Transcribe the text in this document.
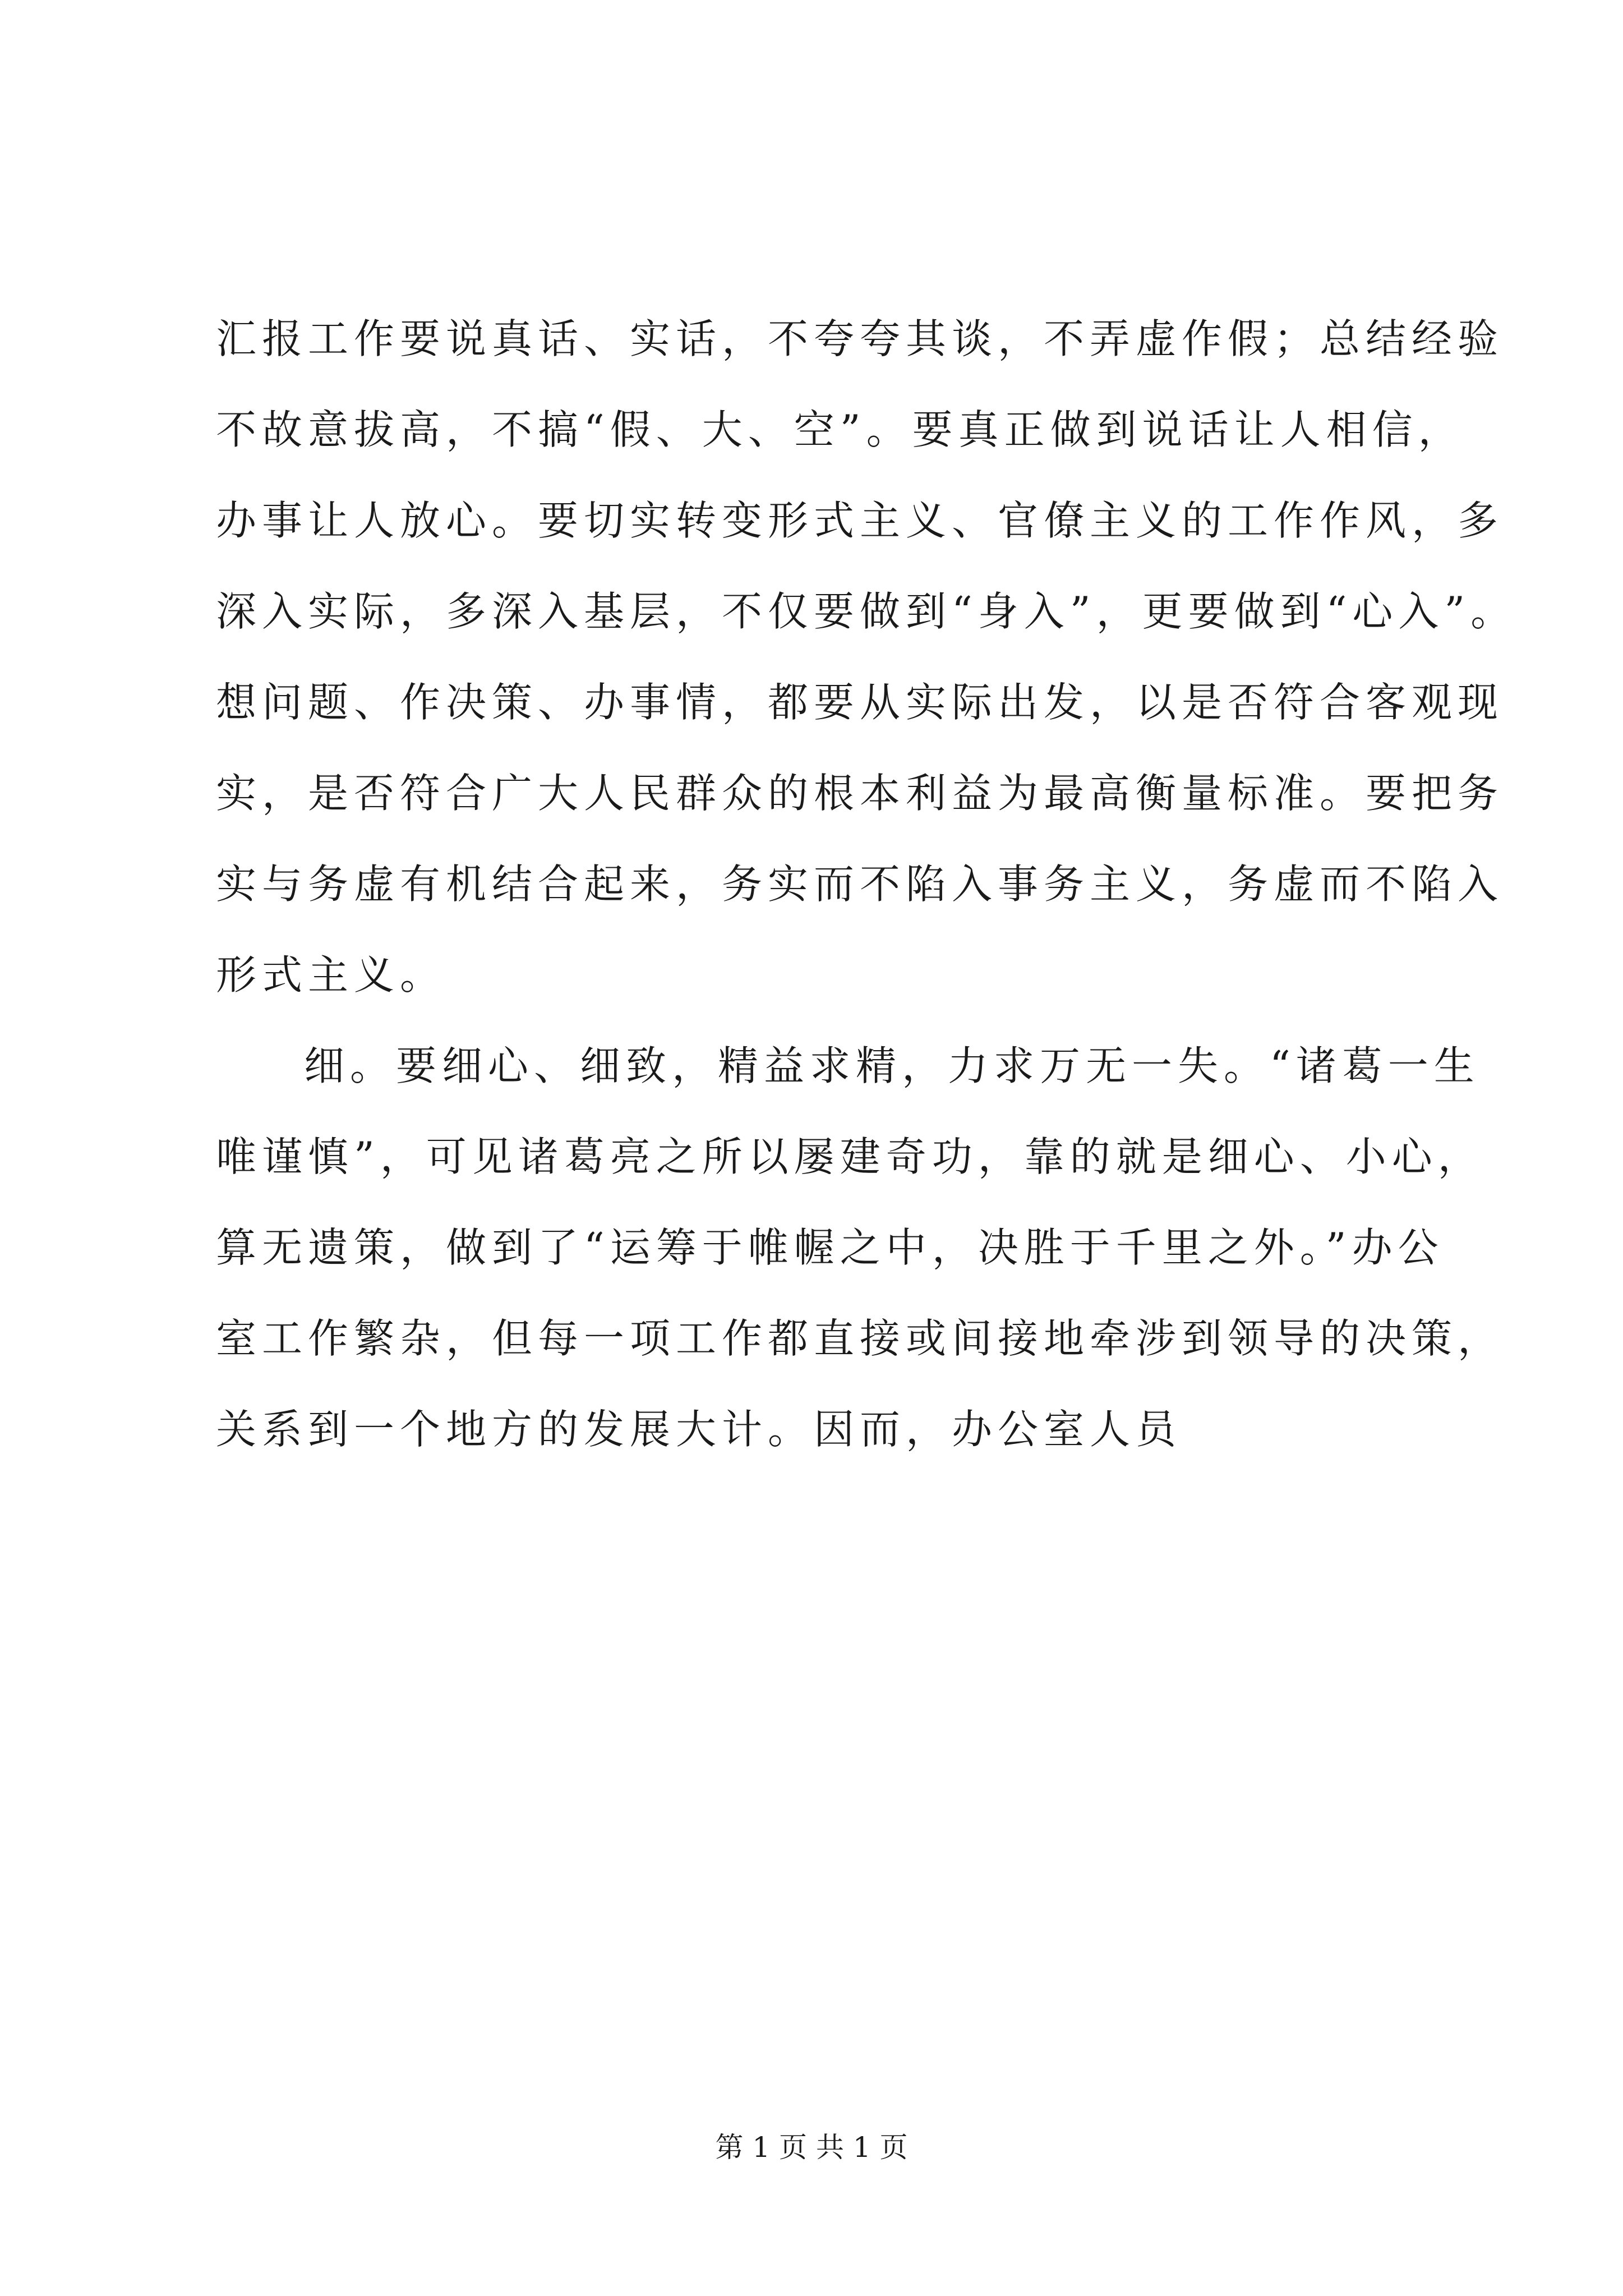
汇报工作要说真话、实话，不夸夸其谈，不弄虚作假；总结经验
不故意拔高，不搞“假、大、空”。要真正做到说话让人相信，
办事让人放心。要切实转变形式主义、官僚主义的工作作风，多
深入实际，多深入基层，不仅要做到“身入”，更要做到“心入”。
想问题、作决策、办事情，都要从实际出发，以是否符合客观现
实，是否符合广大人民群众的根本利益为最高衡量标准。要把务
实与务虚有机结合起来，务实而不陷入事务主义，务虚而不陷入
形式主义。
细。要细心、细致，精益求精，力求万无一失。“诸葛一生
唯谨慎”，可见诸葛亮之所以屡建奇功，靠的就是细心、小心，
算无遗策，做到了“运筹于帷幄之中，决胜于千里之外。”办公
室工作繁杂，但每一项工作都直接或间接地牵涉到领导的决策，
关系到一个地方的发展大计。因而，办公室人员
第 1 页 共 1 页
